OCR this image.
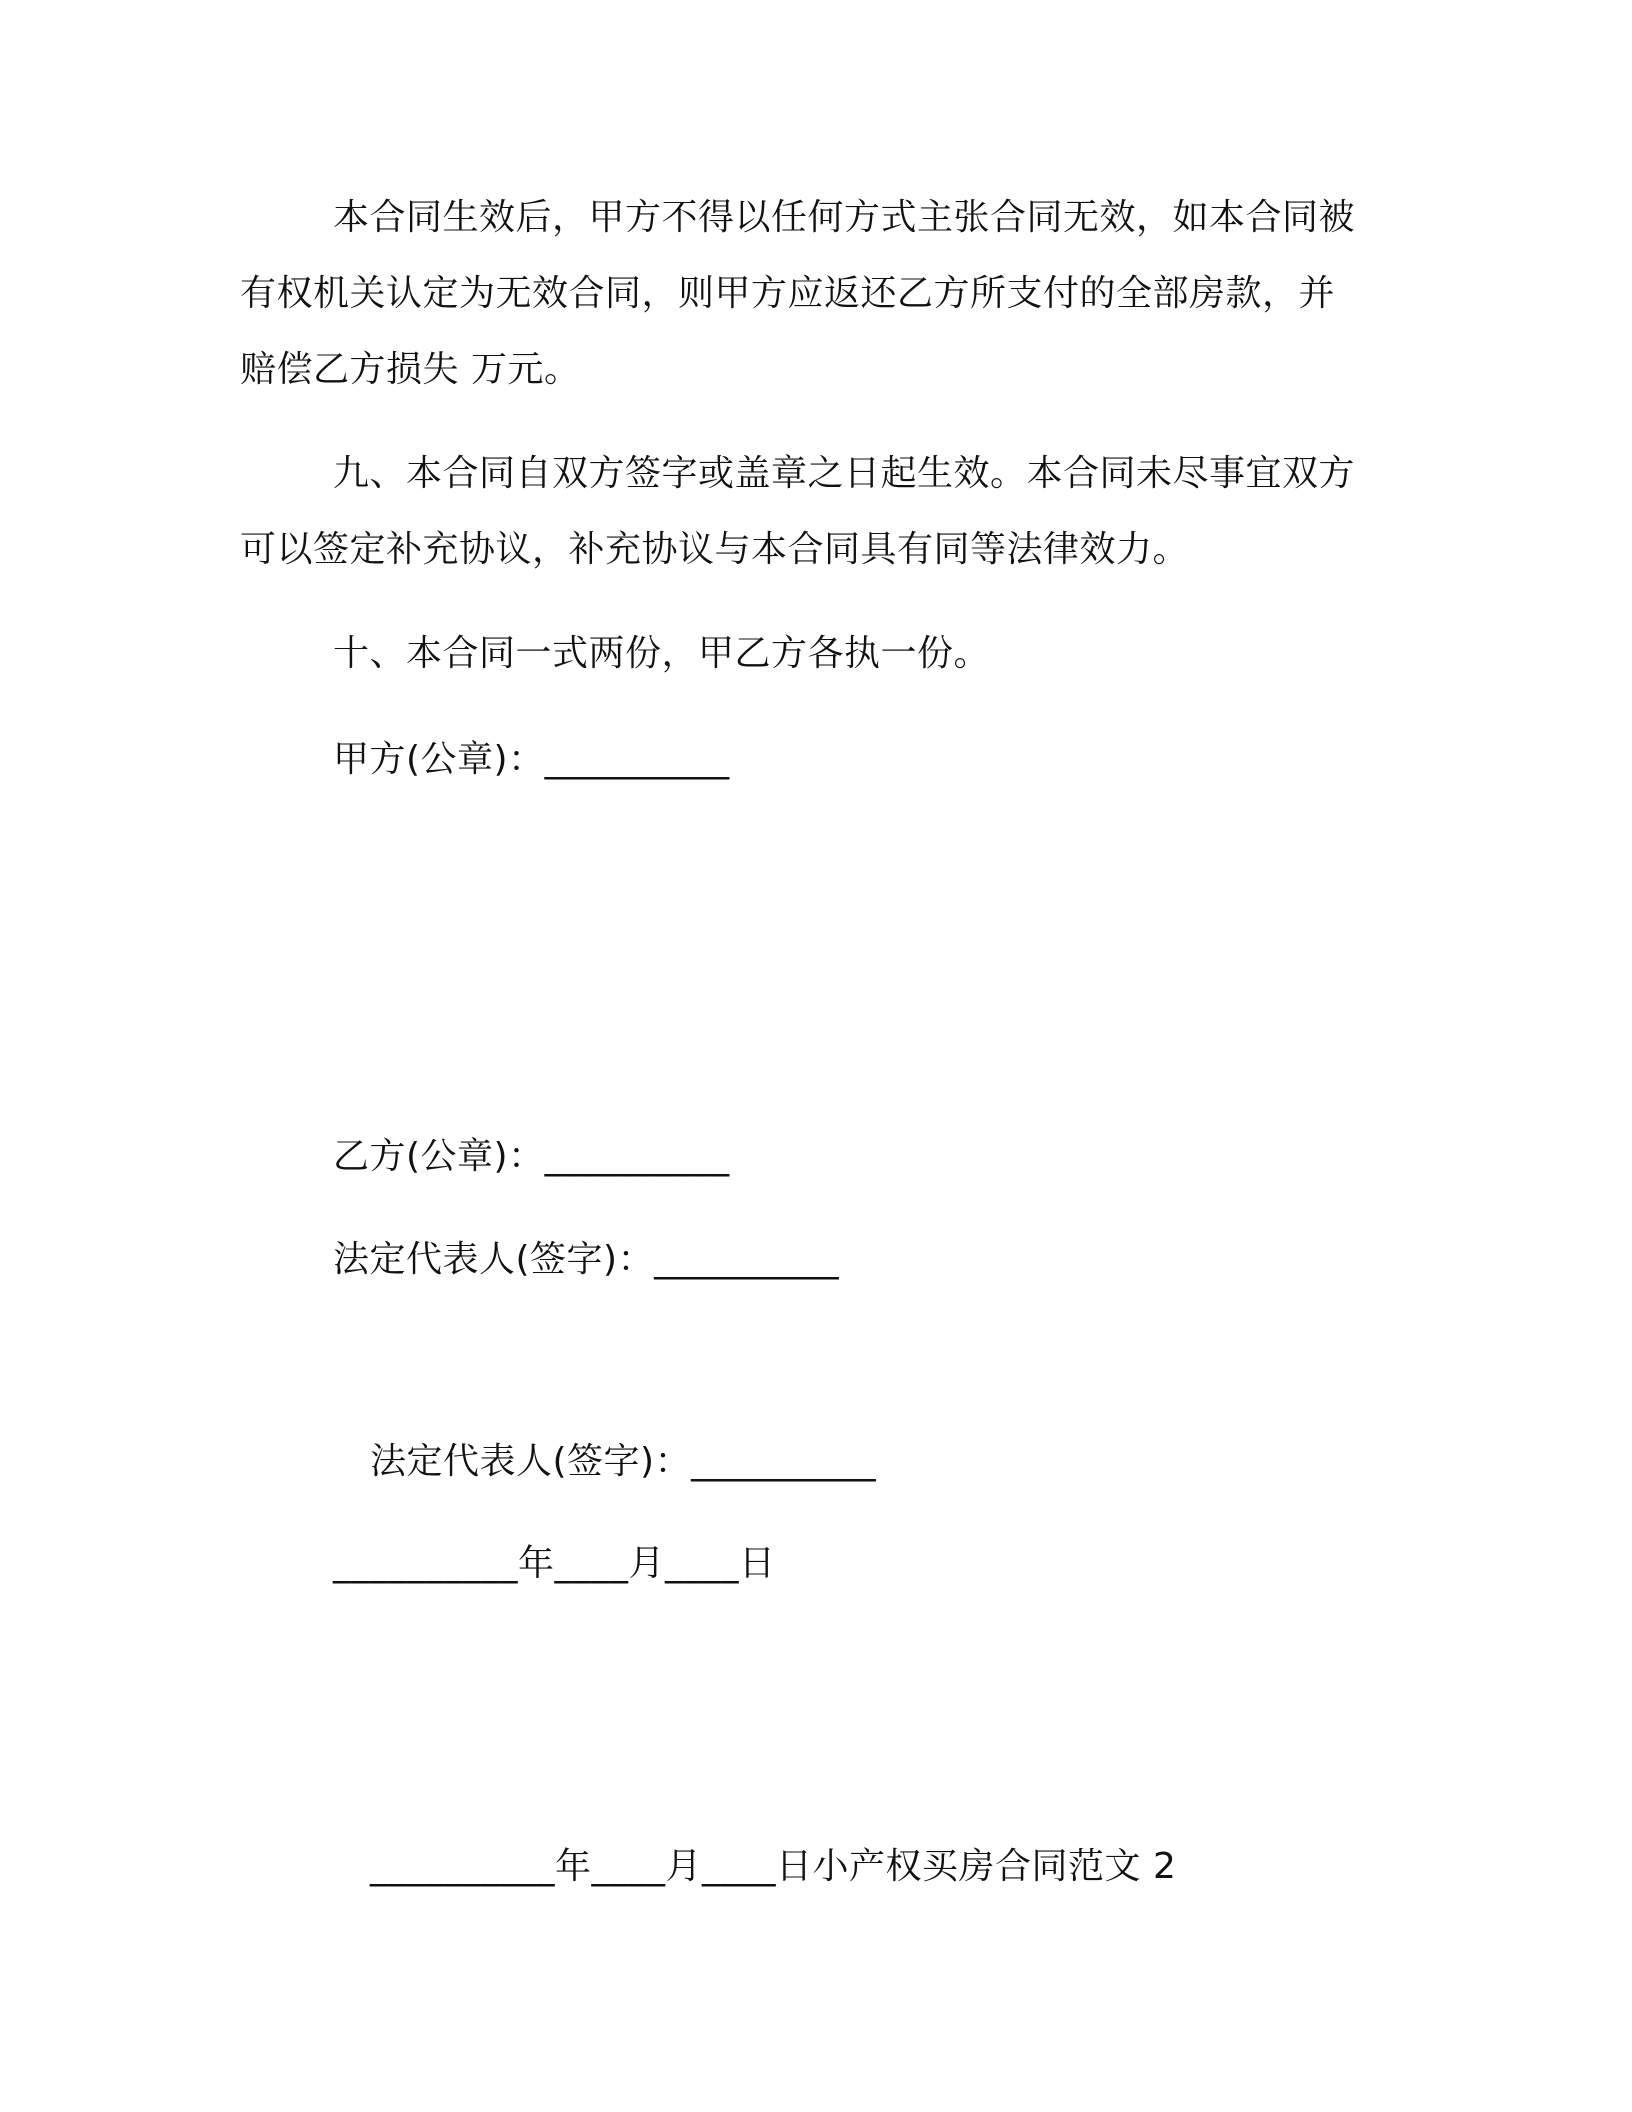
本合同生效后，甲方不得以任何方式主张合同无效，如本合同被
有权机关认定为无效合同，则甲方应返还乙方所支付的全部房款，并
赔偿乙方损失 万元。
九、本合同自双方签字或盖章之日起生效。本合同未尽事宜双方
可以签定补充协议，补充协议与本合同具有同等法律效力。
十、本合同一式两份，甲乙方各执一份。
甲方(公章)：__________
乙方(公章)：__________
法定代表人(签字)：__________
法定代表人(签字)：__________
__________年____月____日
__________年____月____日小产权买房合同范文 2
